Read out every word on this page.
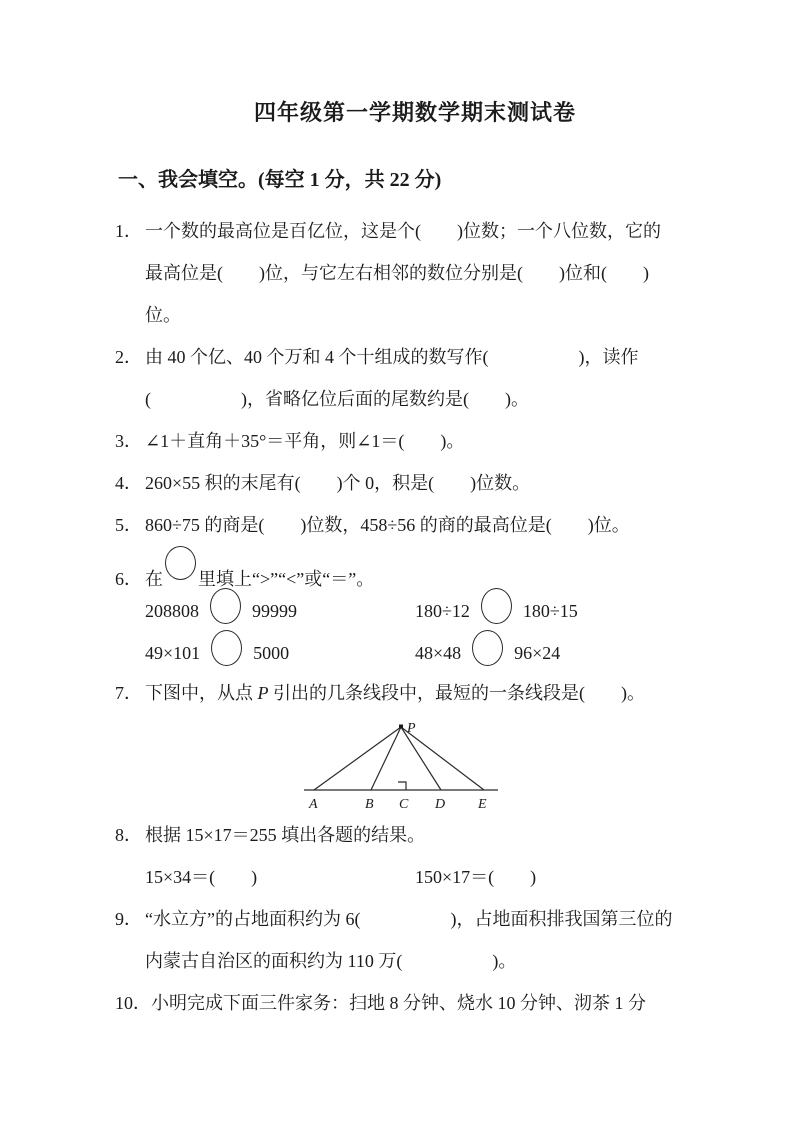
四年级第一学期数学期末测试卷
一、我会填空。(每空 1 分，共 22 分)
1． 一个数的最高位是百亿位，这是个(　　)位数；一个八位数，它的
最高位是(　　)位，与它左右相邻的数位分别是(　　)位和(　　)
位。
2． 由 40 个亿、40 个万和 4 个十组成的数写作(　　　　　)，读作
(　　　　　)，省略亿位后面的尾数约是(　　)。
3． ∠1＋直角＋35°＝平角，则∠1＝(　　)。
4． 260×55 积的末尾有(　　)个 0，积是(　　)位数。
5． 860÷75 的商是(　　)位数，458÷56 的商的最高位是(　　)位。
6． 在 里填上“>”“<”或“＝”。
208808	99999	180÷12	180÷15
49×101	5000	48×48	96×24
7． 下图中，从点 P 引出的几条线段中，最短的一条线段是(　　)。
P
A	B C D E
8． 根据 15×17＝255 填出各题的结果。
15×34＝(　　)	150×17＝(　　)
9． “水立方”的占地面积约为 6(　　　　　)，占地面积排我国第三位的
内蒙古自治区的面积约为 110 万(　　　　　)。
10．小明完成下面三件家务：扫地 8 分钟、烧水 10 分钟、沏茶 1 分
